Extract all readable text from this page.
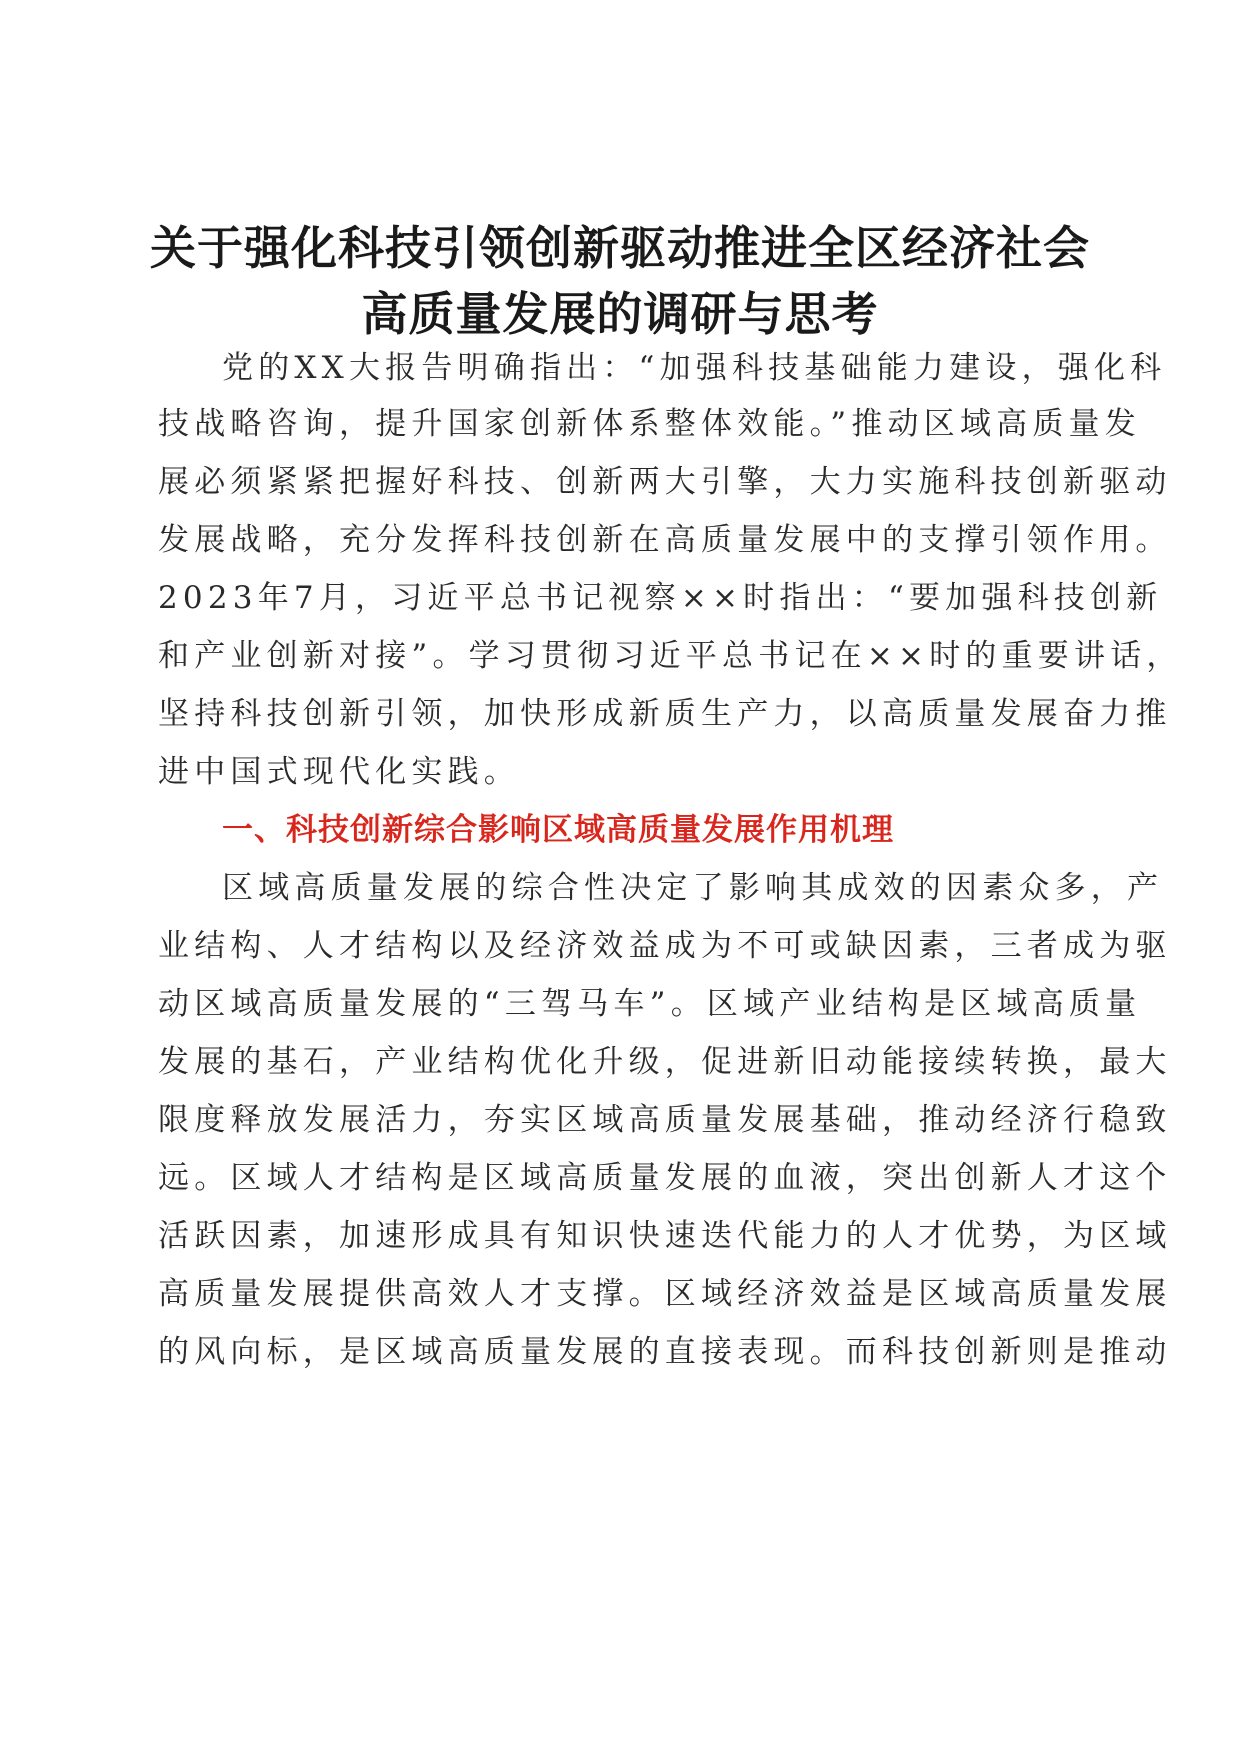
关于强化科技引领创新驱动推进全区经济社会
高质量发展的调研与思考
党的XX大报告明确指出：“加强科技基础能力建设，强化科
技战略咨询，提升国家创新体系整体效能。”推动区域高质量发
展必须紧紧把握好科技、创新两大引擎，大力实施科技创新驱动
发展战略，充分发挥科技创新在高质量发展中的支撑引领作用。
2023年7月，习近平总书记视察××时指出：“要加强科技创新
和产业创新对接”。学习贯彻习近平总书记在××时的重要讲话，
坚持科技创新引领，加快形成新质生产力，以高质量发展奋力推
进中国式现代化实践。
一、科技创新综合影响区域高质量发展作用机理
区域高质量发展的综合性决定了影响其成效的因素众多，产
业结构、人才结构以及经济效益成为不可或缺因素，三者成为驱
动区域高质量发展的“三驾马车”。区域产业结构是区域高质量
发展的基石，产业结构优化升级，促进新旧动能接续转换，最大
限度释放发展活力，夯实区域高质量发展基础，推动经济行稳致
远。区域人才结构是区域高质量发展的血液，突出创新人才这个
活跃因素，加速形成具有知识快速迭代能力的人才优势，为区域
高质量发展提供高效人才支撑。区域经济效益是区域高质量发展
的风向标，是区域高质量发展的直接表现。而科技创新则是推动
